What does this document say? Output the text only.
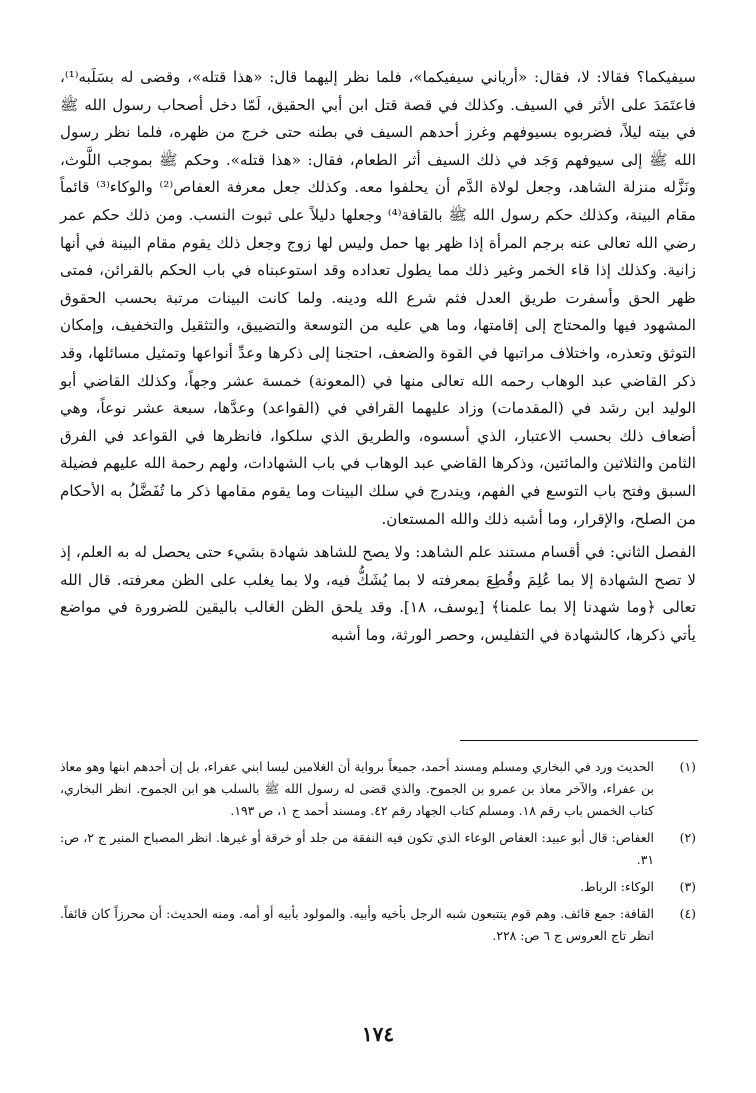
سيفيكما؟ فقالا: لا، فقال: «أرياني سيفيكما»، فلما نظر إليهما قال: «هذا قتله»، وقضى له بسَلَبه⁽¹⁾، فاعتَمَدَ على الأثر في السيف. وكذلك في قصة قتل ابن أبي الحقيق، لَمّا دخل أصحاب رسول الله ﷺ في بيته ليلاً، فضربوه بسيوفهم وغرز أحدهم السيف في بطنه حتى خرج من ظهره، فلما نظر رسول الله ﷺ إلى سيوفهم وَجَد في ذلك السيف أثر الطعام، فقال: «هذا قتله». وحكم ﷺ بموجب اللَّوث، ونَزَّله منزلة الشاهد، وجعل لولاة الدَّم أن يحلفوا معه. وكذلك جعل معرفة العفاص⁽²⁾ والوكاء⁽³⁾ قائماً مقام البينة، وكذلك حكم رسول الله ﷺ بالقافة⁽⁴⁾ وجعلها دليلاً على ثبوت النسب. ومن ذلك حكم عمر رضي الله تعالى عنه برجم المرأة إذا ظهر بها حمل وليس لها زوج وجعل ذلك يقوم مقام البينة في أنها زانية. وكذلك إذا قاء الخمر وغير ذلك مما يطول تعداده وقد استوعبناه في باب الحكم بالقرائن، فمتى ظهر الحق وأسفرت طريق العدل فثم شرع الله ودينه. ولما كانت البينات مرتبة بحسب الحقوق المشهود فيها والمحتاج إلى إقامتها، وما هي عليه من التوسعة والتضييق، والتثقيل والتخفيف، وإمكان التوثق وتعذره، واختلاف مراتبها في القوة والضعف، احتجنا إلى ذكرها وعدِّ أنواعها وتمثيل مسائلها، وقد ذكر القاضي عبد الوهاب رحمه الله تعالى منها في (المعونة) خمسة عشر وجهاً، وكذلك القاضي أبو الوليد ابن رشد في (المقدمات) وزاد عليهما القرافي في (القواعد) وعدَّها، سبعة عشر نوعاً، وهي أضعاف ذلك بحسب الاعتبار، الذي أسسوه، والطريق الذي سلكوا، فانظرها في القواعد في الفرق الثامن والثلاثين والمائتين، وذكرها القاضي عبد الوهاب في باب الشهادات، ولهم رحمة الله عليهم فضيلة السبق وفتح باب التوسع في الفهم، ويندرج في سلك البينات وما يقوم مقامها ذكر ما تُفَضَّلُ به الأحكام من الصلح، والإقرار، وما أشبه ذلك والله المستعان.

الفصل الثاني: في أقسام مستند علم الشاهد: ولا يصح للشاهد شهادة بشيء حتى يحصل له به العلم، إذ لا تصح الشهادة إلا بما عُلِمَ وقُطِعَ بمعرفته لا بما يُشَكُّ فيه، ولا بما يغلب على الظن معرفته. قال الله تعالى ﴿وما شهدنا إلا بما علمنا﴾ [يوسف، ١٨]. وقد يلحق الظن الغالب باليقين للضرورة في مواضع يأتي ذكرها، كالشهادة في التفليس، وحصر الورثة، وما أشبه

(١)
الحديث ورد في البخاري ومسلم ومسند أحمد، جميعاً برواية أن الغلامين ليسا ابني عفراء، بل إن أحدهم ابنها وهو معاذ بن عفراء، والآخر معاذ بن عمرو بن الجموح. والذي قضى له رسول الله ﷺ بالسلب هو ابن الجموح. انظر البخاري، كتاب الخمس باب رقم ١٨. ومسلم كتاب الجهاد رقم ٤٢. ومسند أحمد ج ١، ص ١٩٣.
(٢)
العفاص: قال أبو عبيد: العفاص الوعاء الذي تكون فيه النفقة من جلد أو خرقة أو غيرها. انظر المصباح المنير ج ٢، ص: ٣١.
(٣)
الوكاء: الرباط.
(٤)
القافة: جمع قائف. وهم قوم يتتبعون شبه الرجل بأخيه وأبيه. والمولود بأبيه أو أمه. ومنه الحديث: أن محرزاً كان قائفاً. انظر تاج العروس ج ٦ ص: ٢٢٨.
١٧٤
